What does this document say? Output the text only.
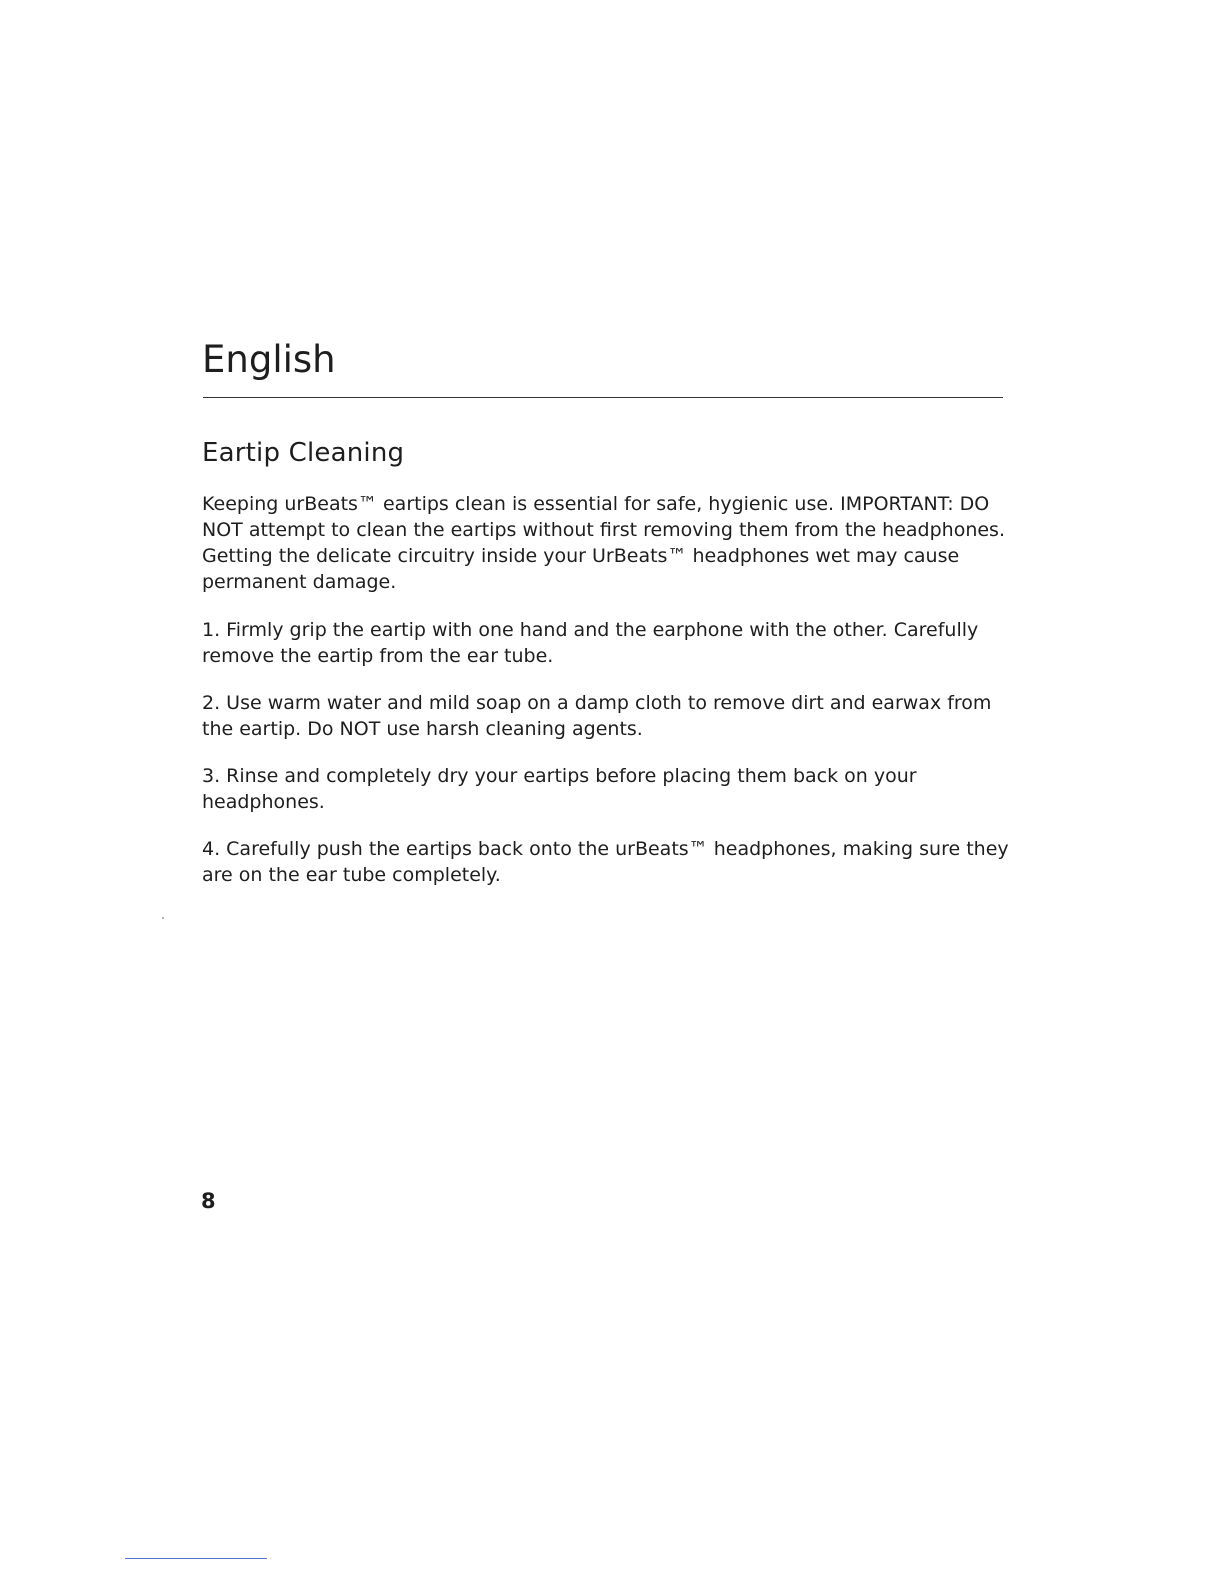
English
Eartip Cleaning

Keeping urBeats™ eartips clean is essential for safe, hygienic use. IMPORTANT: DO NOT attempt to clean the eartips without first removing them from the headphones. Getting the delicate circuitry inside your UrBeats™ headphones wet may cause permanent damage.

1. Firmly grip the eartip with one hand and the earphone with the other. Carefully remove the eartip from the ear tube.

2. Use warm water and mild soap on a damp cloth to remove dirt and earwax from the eartip. Do NOT use harsh cleaning agents.

3. Rinse and completely dry your eartips before placing them back on your headphones.

4. Carefully push the eartips back onto the urBeats™ headphones, making sure they are on the ear tube completely.

8
